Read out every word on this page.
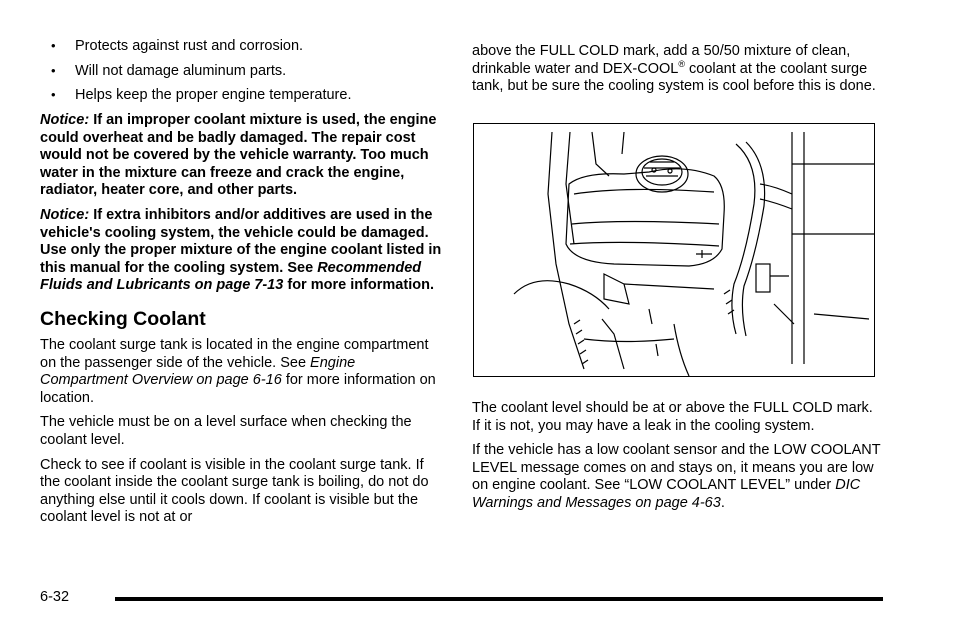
• Protects against rust and corrosion.
• Will not damage aluminum parts.
• Helps keep the proper engine temperature.

Notice: If an improper coolant mixture is used, the engine could overheat and be badly damaged. The repair cost would not be covered by the vehicle warranty. Too much water in the mixture can freeze and crack the engine, radiator, heater core, and other parts.

Notice: If extra inhibitors and/or additives are used in the vehicle's cooling system, the vehicle could be damaged. Use only the proper mixture of the engine coolant listed in this manual for the cooling system. See Recommended Fluids and Lubricants on page 7-13 for more information.

Checking Coolant

The coolant surge tank is located in the engine compartment on the passenger side of the vehicle. See Engine Compartment Overview on page 6-16 for more information on location.

The vehicle must be on a level surface when checking the coolant level.

Check to see if coolant is visible in the coolant surge tank. If the coolant inside the coolant surge tank is boiling, do not do anything else until it cools down. If coolant is visible but the coolant level is not at or

above the FULL COLD mark, add a 50/50 mixture of clean, drinkable water and DEX-COOL® coolant at the coolant surge tank, but be sure the cooling system is cool before this is done.

The coolant level should be at or above the FULL COLD mark. If it is not, you may have a leak in the cooling system.

If the vehicle has a low coolant sensor and the LOW COOLANT LEVEL message comes on and stays on, it means you are low on engine coolant. See “LOW COOLANT LEVEL” under DIC Warnings and Messages on page 4-63.

6-32
